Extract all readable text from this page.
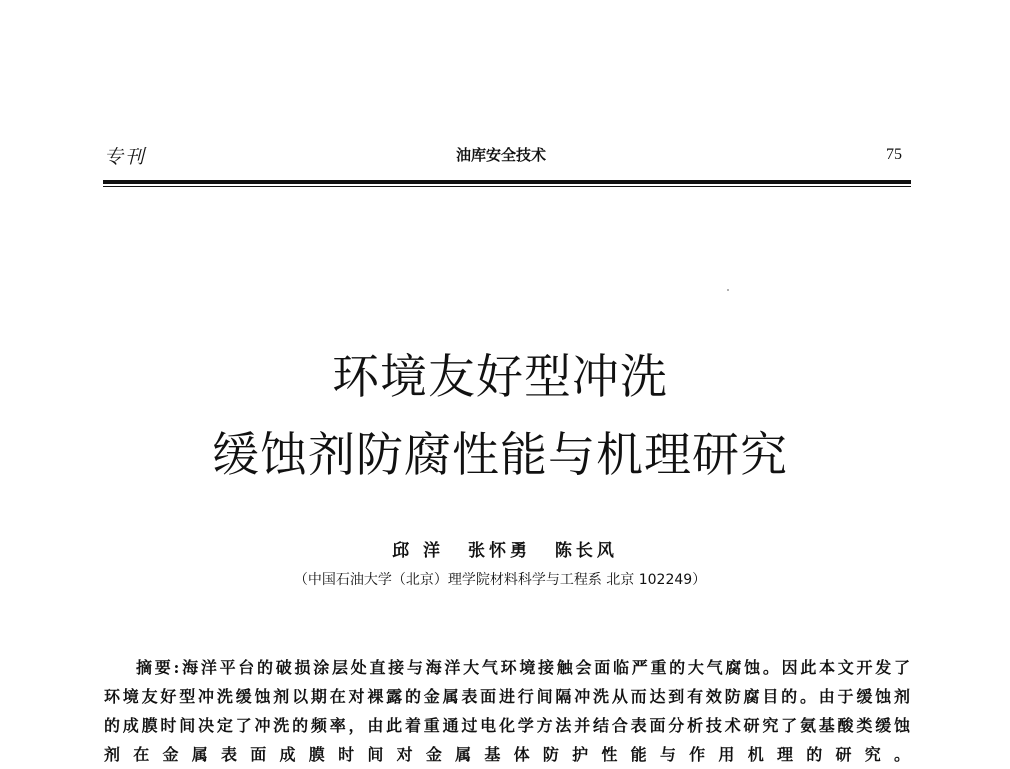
专刊	油库安全技术	75
环境友好型冲洗
缓蚀剂防腐性能与机理研究
邱 洋 张怀勇 陈长风
（中国石油大学（北京）理学院材料科学与工程系 北京 102249）
摘要:海洋平台的破损涂层处直接与海洋大气环境接触会面临严重的大气腐蚀。因此本文开发了
环境友好型冲洗缓蚀剂以期在对裸露的金属表面进行间隔冲洗从而达到有效防腐目的。由于缓蚀剂
的成膜时间决定了冲洗的频率，由此着重通过电化学方法并结合表面分析技术研究了氨基酸类缓蚀
剂在金属表面成膜时间对金属基体防护性能与作用机理的研究。
